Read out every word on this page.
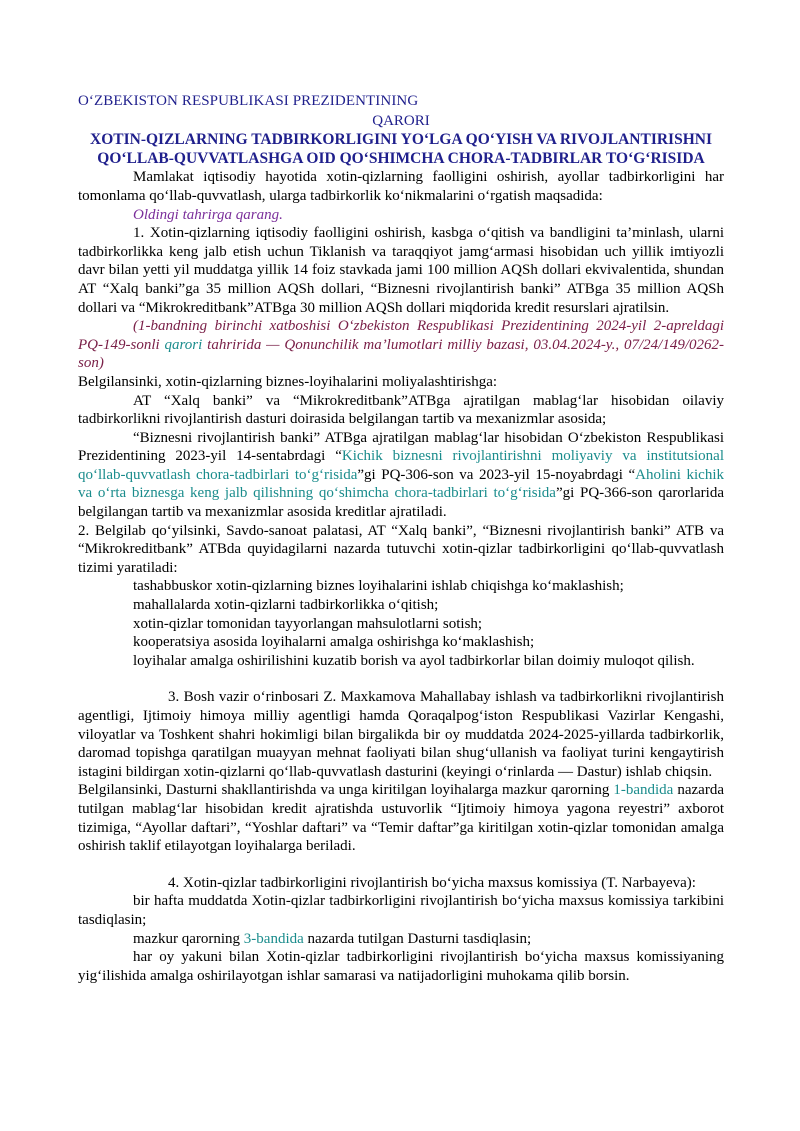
O‘ZBEKISTON RESPUBLIKASI PREZIDENTINING
QARORI
XOTIN-QIZLARNING TADBIRKORLIGINI YO‘LGA QO‘YISH VA RIVOJLANTIRISHNI QO‘LLAB-QUVVATLASHGA OID QO‘SHIMCHA CHORA-TADBIRLAR TO‘G‘RISIDA

Mamlakat iqtisodiy hayotida xotin-qizlarning faolligini oshirish, ayollar tadbirkorligini har tomonlama qo‘llab-quvvatlash, ularga tadbirkorlik ko‘nikmalarini o‘rgatish maqsadida:

Oldingi tahrirga qarang.

1. Xotin-qizlarning iqtisodiy faolligini oshirish, kasbga o‘qitish va bandligini ta’minlash, ularni tadbirkorlikka keng jalb etish uchun Tiklanish va taraqqiyot jamg‘armasi hisobidan uch yillik imtiyozli davr bilan yetti yil muddatga yillik 14 foiz stavkada jami 100 million AQSh dollari ekvivalentida, shundan AT “Xalq banki”ga 35 million AQSh dollari, “Biznesni rivojlantirish banki” ATBga 35 million AQSh dollari va “Mikrokreditbank”ATBga 30 million AQSh dollari miqdorida kredit resurslari ajratilsin.

(1-bandning birinchi xatboshisi O‘zbekiston Respublikasi Prezidentining 2024-yil 2-apreldagi PQ-149-sonli qarori tahririda — Qonunchilik ma’lumotlari milliy bazasi, 03.04.2024-y., 07/24/149/0262-son)

Belgilansinki, xotin-qizlarning biznes-loyihalarini moliyalashtirishga:

AT “Xalq banki” va “Mikrokreditbank”ATBga ajratilgan mablag‘lar hisobidan oilaviy tadbirkorlikni rivojlantirish dasturi doirasida belgilangan tartib va mexanizmlar asosida;

“Biznesni rivojlantirish banki” ATBga ajratilgan mablag‘lar hisobidan O‘zbekiston Respublikasi Prezidentining 2023-yil 14-sentabrdagi “Kichik biznesni rivojlantirishni moliyaviy va institutsional qo‘llab-quvvatlash chora-tadbirlari to‘g‘risida”gi PQ-306-son va 2023-yil 15-noyabrdagi “Aholini kichik va o‘rta biznesga keng jalb qilishning qo‘shimcha chora-tadbirlari to‘g‘risida”gi PQ-366-son qarorlarida belgilangan tartib va mexanizmlar asosida kreditlar ajratiladi.

2. Belgilab qo‘yilsinki, Savdo-sanoat palatasi, AT “Xalq banki”, “Biznesni rivojlantirish banki” ATB va “Mikrokreditbank” ATBda quyidagilarni nazarda tutuvchi xotin-qizlar tadbirkorligini qo‘llab-quvvatlash tizimi yaratiladi:

tashabbuskor xotin-qizlarning biznes loyihalarini ishlab chiqishga ko‘maklashish;

mahallalarda xotin-qizlarni tadbirkorlikka o‘qitish;

xotin-qizlar tomonidan tayyorlangan mahsulotlarni sotish;

kooperatsiya asosida loyihalarni amalga oshirishga ko‘maklashish;

loyihalar amalga oshirilishini kuzatib borish va ayol tadbirkorlar bilan doimiy muloqot qilish.

3. Bosh vazir o‘rinbosari Z. Maxkamova Mahallabay ishlash va tadbirkorlikni rivojlantirish agentligi, Ijtimoiy himoya milliy agentligi hamda Qoraqalpog‘iston Respublikasi Vazirlar Kengashi, viloyatlar va Toshkent shahri hokimligi bilan birgalikda bir oy muddatda 2024-2025-yillarda tadbirkorlik, daromad topishga qaratilgan muayyan mehnat faoliyati bilan shug‘ullanish va faoliyat turini kengaytirish istagini bildirgan xotin-qizlarni qo‘llab-quvvatlash dasturini (keyingi o‘rinlarda — Dastur) ishlab chiqsin.

Belgilansinki, Dasturni shakllantirishda va unga kiritilgan loyihalarga mazkur qarorning 1-bandida nazarda tutilgan mablag‘lar hisobidan kredit ajratishda ustuvorlik “Ijtimoiy himoya yagona reyestri” axborot tizimiga, “Ayollar daftari”, “Yoshlar daftari” va “Temir daftar”ga kiritilgan xotin-qizlar tomonidan amalga oshirish taklif etilayotgan loyihalarga beriladi.

4. Xotin-qizlar tadbirkorligini rivojlantirish bo‘yicha maxsus komissiya (T. Narbayeva):

bir hafta muddatda Xotin-qizlar tadbirkorligini rivojlantirish bo‘yicha maxsus komissiya tarkibini tasdiqlasin;

mazkur qarorning 3-bandida nazarda tutilgan Dasturni tasdiqlasin;

har oy yakuni bilan Xotin-qizlar tadbirkorligini rivojlantirish bo‘yicha maxsus komissiyaning yig‘ilishida amalga oshirilayotgan ishlar samarasi va natijadorligini muhokama qilib borsin.
